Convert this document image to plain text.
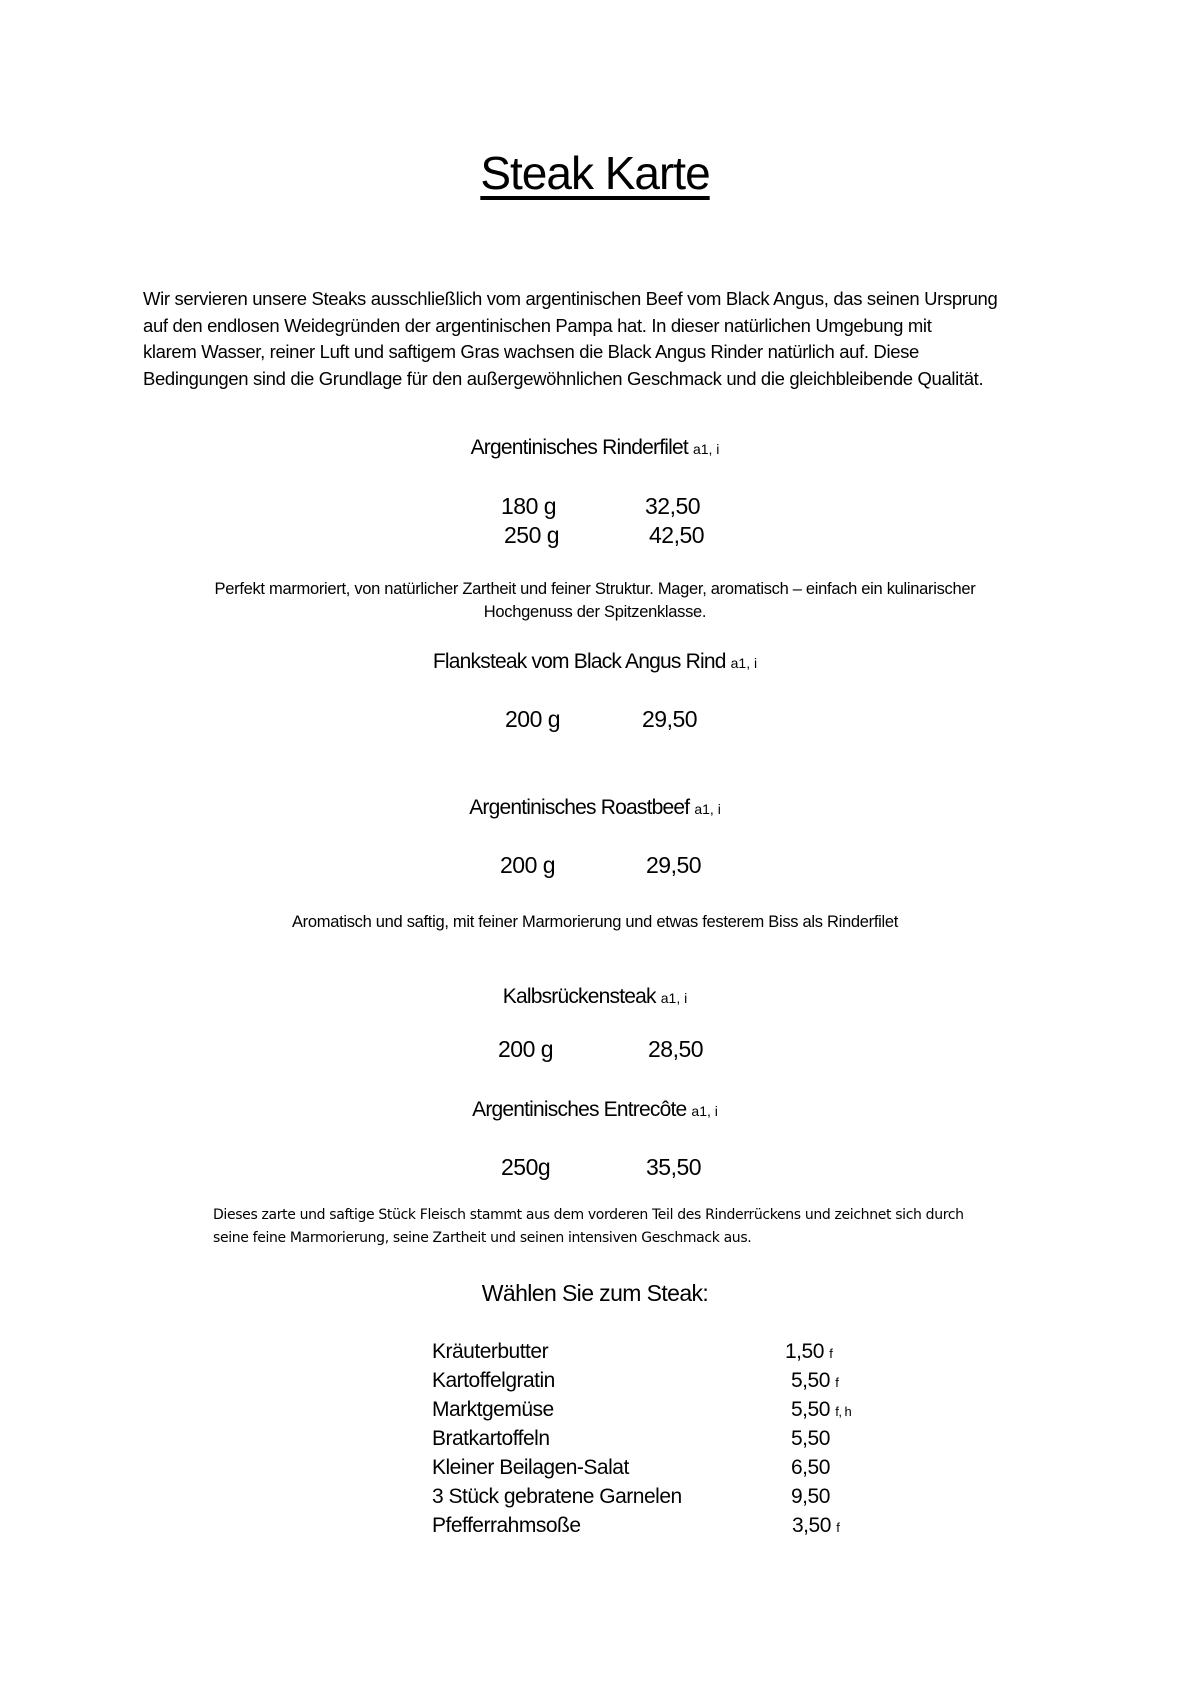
Steak Karte
Wir servieren unsere Steaks ausschließlich vom argentinischen Beef vom Black Angus, das seinen Ursprung
auf den endlosen Weidegründen der argentinischen Pampa hat. In dieser natürlichen Umgebung mit
klarem Wasser, reiner Luft und saftigem Gras wachsen die Black Angus Rinder natürlich auf. Diese
Bedingungen sind die Grundlage für den außergewöhnlichen Geschmack und die gleichbleibende Qualität.
Argentinisches Rinderfilet a1, i
180 g	32,50
250 g	42,50
Perfekt marmoriert, von natürlicher Zartheit und feiner Struktur. Mager, aromatisch – einfach ein kulinarischer
Hochgenuss der Spitzenklasse.
Flanksteak vom Black Angus Rind a1, i
200 g	29,50
Argentinisches Roastbeef a1, i
200 g	29,50
Aromatisch und saftig, mit feiner Marmorierung und etwas festerem Biss als Rinderfilet
Kalbsrückensteak a1, i
200 g	28,50
Argentinisches Entrecôte a1, i
250g	35,50
Dieses zarte und saftige Stück Fleisch stammt aus dem vorderen Teil des Rinderrückens und zeichnet sich durch
seine feine Marmorierung, seine Zartheit und seinen intensiven Geschmack aus.
Wählen Sie zum Steak:
Kräuterbutter	1,50 f
Kartoffelgratin	5,50 f
Marktgemüse	5,50 f, h
Bratkartoffeln	5,50
Kleiner Beilagen-Salat	6,50
3 Stück gebratene Garnelen	9,50
Pfefferrahmsoße	3,50 f
